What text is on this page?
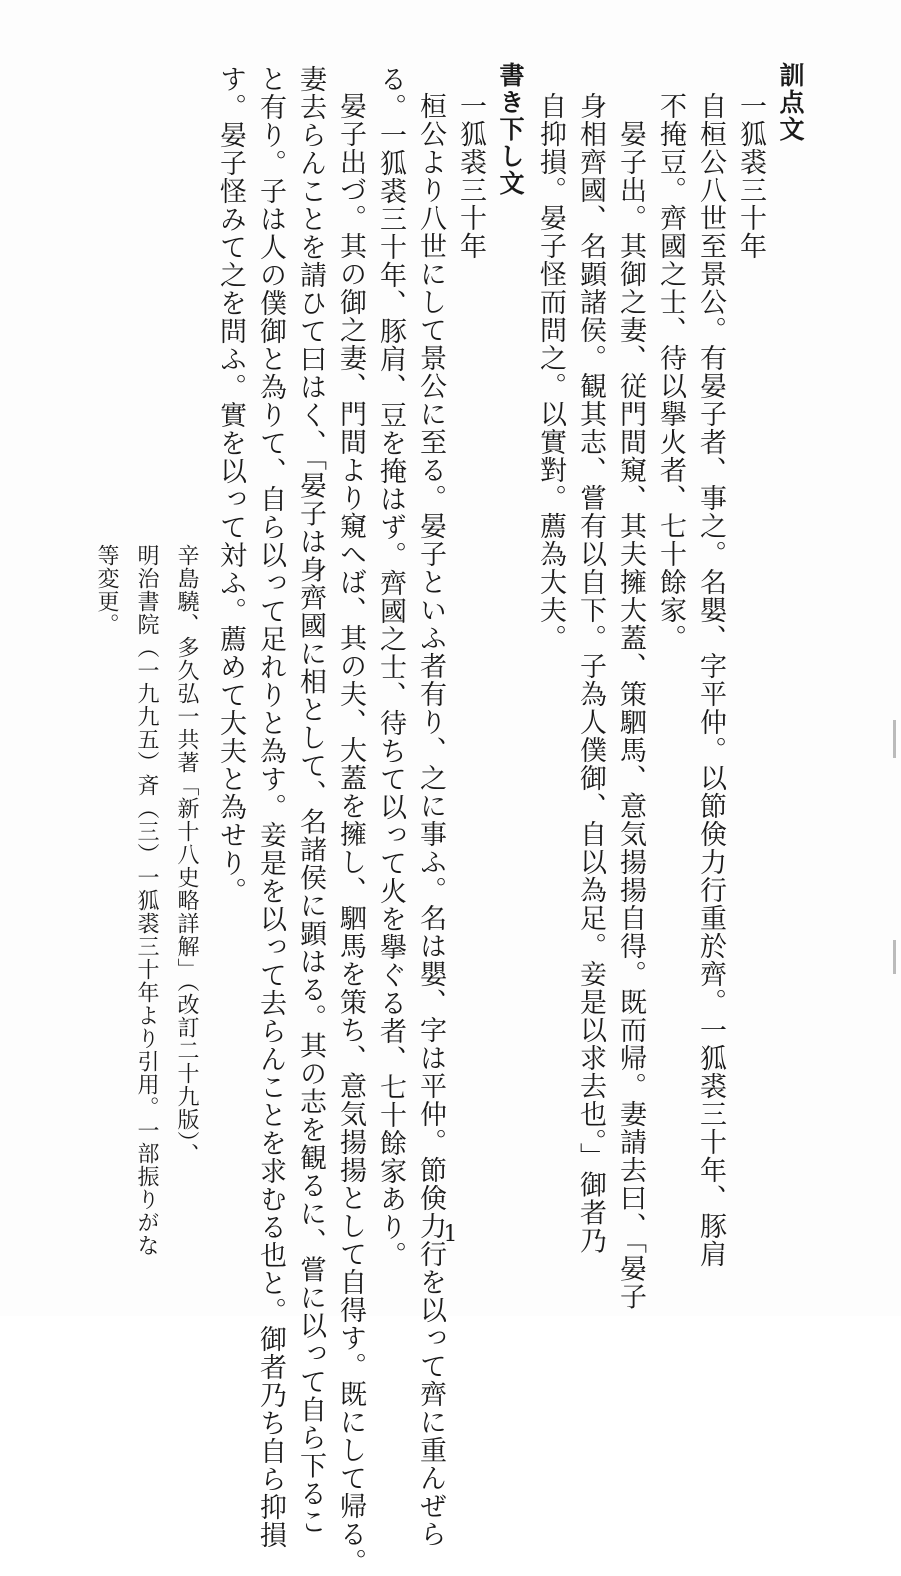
訓点文
一狐裘三十年
自桓公八世至景公。有晏子者、事之。名嬰、字平仲。以節倹力行重於齊。一狐裘三十年、豚肩
不掩豆。齊國之士、待以擧火者、七十餘家。
晏子出。其御之妻、従門間窺、其夫擁大蓋、策駟馬、意気揚揚自得。既而帰。妻請去曰、「晏子
身相齊國、名顕諸侯。観其志、嘗有以自下。子為人僕御、自以為足。妾是以求去也。」御者乃
自抑損。晏子怪而問之。以實對。薦為大夫。
書き下し文
一狐裘三十年
桓公より八世にして景公に至る。晏子といふ者有り、之に事ふ。名は嬰、字は平仲。節倹力行を以って齊に重んぜら
る。一狐裘三十年、豚肩、豆を掩はず。齊國之士、待ちて以って火を擧ぐる者、七十餘家あり。
晏子出づ。其の御之妻、門間より窺へば、其の夫、大蓋を擁し、駟馬を策ち、意気揚揚として自得す。既にして帰る。
妻去らんことを請ひて曰はく、「晏子は身齊國に相として、名諸侯に顕はる。其の志を観るに、嘗に以って自ら下るこ
と有り。子は人の僕御と為りて、自ら以って足れりと為す。妾是を以って去らんことを求むる也と。御者乃ち自ら抑損
す。晏子怪みて之を問ふ。實を以って対ふ。薦めて大夫と為せり。
辛島驍、多久弘一共著「新十八史略詳解」（改訂二十九版）、
明治書院（一九九五）斉（三）一狐裘三十年より引用。一部振りがな
等変更。
1
